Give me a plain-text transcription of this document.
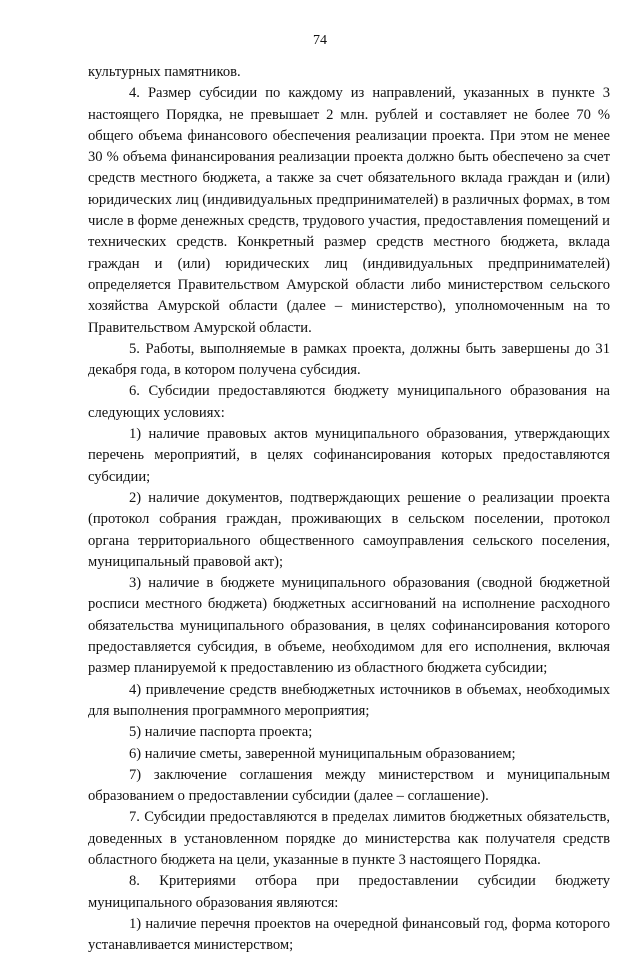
74

культурных памятников.

4. Размер субсидии по каждому из направлений, указанных в пункте 3 настоящего Порядка, не превышает 2 млн. рублей и составляет не более 70 % общего объема финансового обеспечения реализации проекта. При этом не менее 30 % объема финансирования реализации проекта должно быть обеспечено за счет средств местного бюджета, а также за счет обязательного вклада граждан и (или) юридических лиц (индивидуальных предпринимателей) в различных формах, в том числе в форме денежных средств, трудового участия, предоставления помещений и технических средств. Конкретный размер средств местного бюджета, вклада граждан и (или) юридических лиц (индивидуальных предпринимателей) определяется Правительством Амурской области либо министерством сельского хозяйства Амурской области (далее – министерство), уполномоченным на то Правительством Амурской области.

5. Работы, выполняемые в рамках проекта, должны быть завершены до 31 декабря года, в котором получена субсидия.

6. Субсидии предоставляются бюджету муниципального образования на следующих условиях:

1) наличие правовых актов муниципального образования, утверждающих перечень мероприятий, в целях софинансирования которых предоставляются субсидии;

2) наличие документов, подтверждающих решение о реализации проекта (протокол собрания граждан, проживающих в сельском поселении, протокол органа территориального общественного самоуправления сельского поселения, муниципальный правовой акт);

3) наличие в бюджете муниципального образования (сводной бюджетной росписи местного бюджета) бюджетных ассигнований на исполнение расходного обязательства муниципального образования, в целях софинансирования которого предоставляется субсидия, в объеме, необходимом для его исполнения, включая размер планируемой к предоставлению из областного бюджета субсидии;

4) привлечение средств внебюджетных источников в объемах, необходимых для выполнения программного мероприятия;

5) наличие паспорта проекта;

6) наличие сметы, заверенной муниципальным образованием;

7) заключение соглашения между министерством и муниципальным образованием о предоставлении субсидии (далее – соглашение).

7. Субсидии предоставляются в пределах лимитов бюджетных обязательств, доведенных в установленном порядке до министерства как получателя средств областного бюджета на цели, указанные в пункте 3 настоящего Порядка.

8. Критериями отбора при предоставлении субсидии бюджету муниципального образования являются:

1) наличие перечня проектов на очередной финансовый год, форма которого устанавливается министерством;
